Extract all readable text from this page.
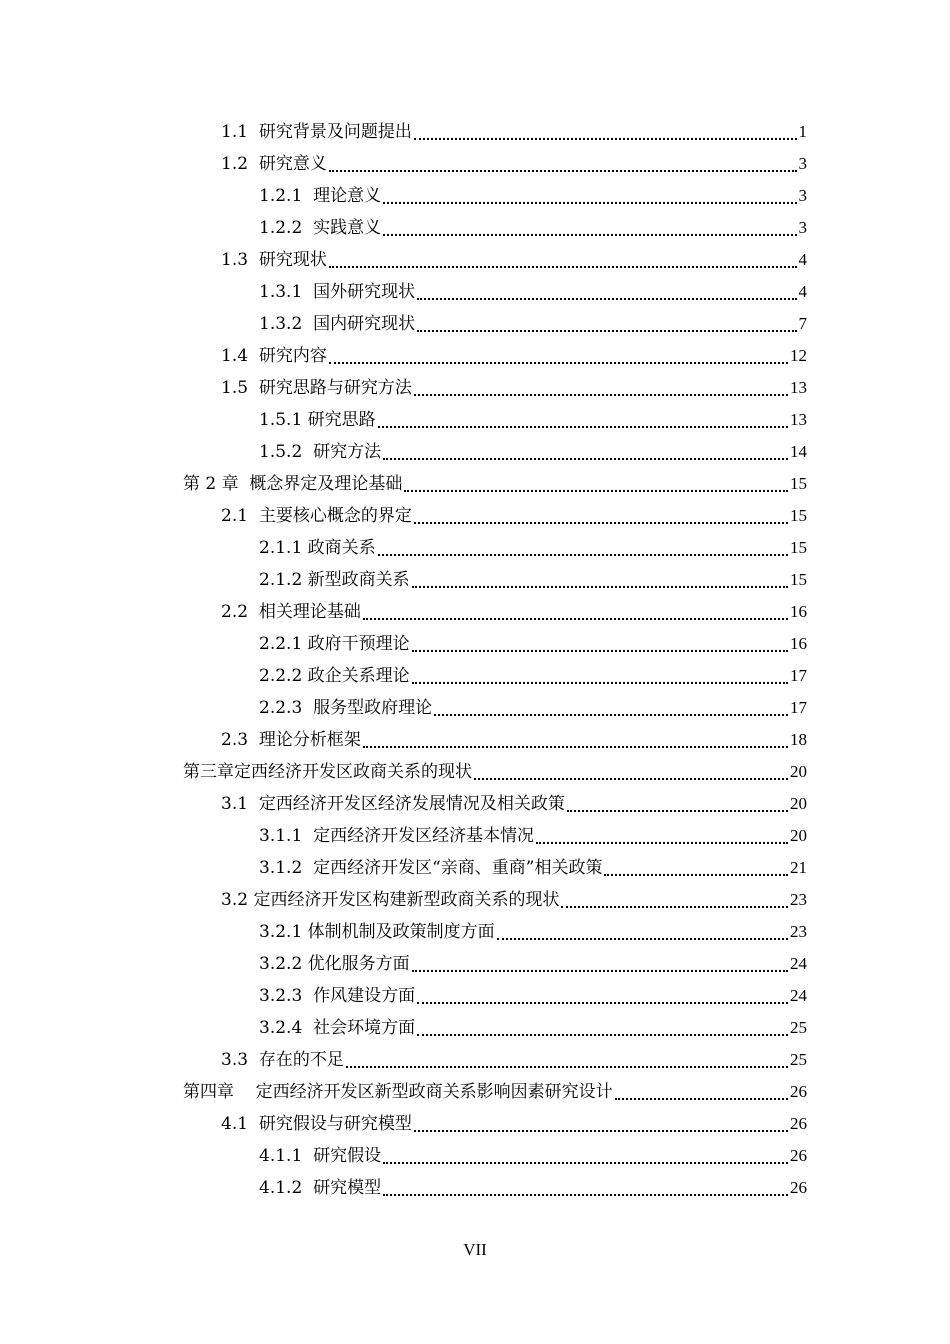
1.1  研究背景及问题提出	1
1.2  研究意义	3
1.2.1  理论意义	3
1.2.2  实践意义	3
1.3  研究现状	4
1.3.1  国外研究现状	4
1.3.2  国内研究现状	7
1.4  研究内容	12
1.5  研究思路与研究方法	13
1.5.1 研究思路	13
1.5.2  研究方法	14
第 2 章  概念界定及理论基础	15
2.1  主要核心概念的界定	15
2.1.1 政商关系	15
2.1.2 新型政商关系	15
2.2  相关理论基础	16
2.2.1 政府干预理论	16
2.2.2 政企关系理论	17
2.2.3  服务型政府理论	17
2.3  理论分析框架	18
第三章定西经济开发区政商关系的现状	20
3.1  定西经济开发区经济发展情况及相关政策	20
3.1.1  定西经济开发区经济基本情况	20
3.1.2  定西经济开发区“亲商、重商”相关政策	21
3.2 定西经济开发区构建新型政商关系的现状	23
3.2.1 体制机制及政策制度方面	23
3.2.2 优化服务方面	24
3.2.3  作风建设方面	24
3.2.4  社会环境方面	25
3.3  存在的不足	25
第四章    定西经济开发区新型政商关系影响因素研究设计	26
4.1  研究假设与研究模型	26
4.1.1  研究假设	26
4.1.2  研究模型	26
VII
